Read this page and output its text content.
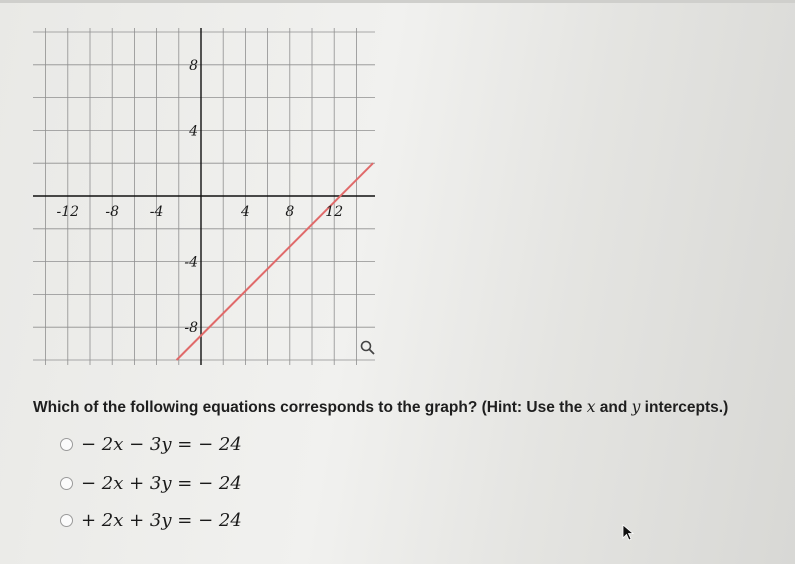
-12 -8 -4	4	8 12
8
4
-4
-8
Which of the following equations corresponds to the graph? (Hint: Use the x and y intercepts.)
− 2x − 3y = − 24
− 2x + 3y = − 24
+ 2x + 3y = − 24
